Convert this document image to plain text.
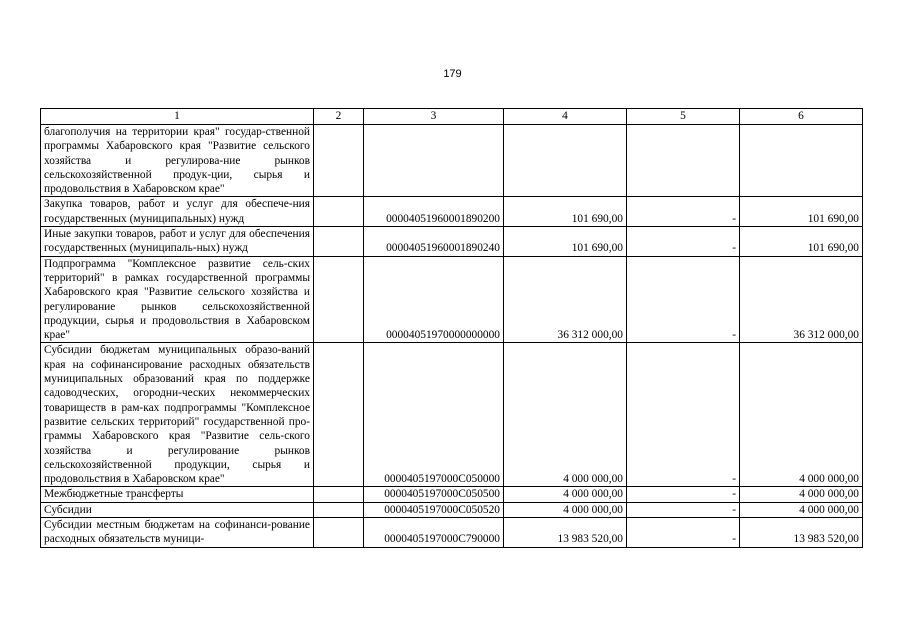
179
1	2	3	4	5	6
благополучия на территории края" государ-ственной программы Хабаровского края "Развитие сельского хозяйства и регулирова-ние рынков сельскохозяйственной продук-ции, сырья и продовольствия в Хабаровском крае"					
Закупка товаров, работ и услуг для обеспече-ния государственных (муниципальных) нужд		0000405196000189020​0	101 690,00	-	101 690,00
Иные закупки товаров, работ и услуг для обеспечения государственных (муниципаль-ных) нужд		00004051960001890240	101 690,00	-	101 690,00
Подпрограмма "Комплексное развитие сель-ских территорий" в рамках государственной программы Хабаровского края "Развитие сельского хозяйства и регулирование рынков сельскохозяйственной продукции, сырья и продовольствия в Хабаровском крае"		00004051970000000000	36 312 000,00	-	36 312 000,00
Субсидии бюджетам муниципальных образо-ваний края на софинансирование расходных обязательств муниципальных образований края по поддержке садоводческих, огородни-ческих некоммерческих товариществ в рам-ках подпрограммы "Комплексное развитие сельских территорий" государственной про-граммы Хабаровского края "Развитие сель-ского хозяйства и регулирование рынков сельскохозяйственной продукции, сырья и продовольствия в Хабаровском крае"		0000405197000C050000	4 000 000,00	-	4 000 000,00
Межбюджетные трансферты		0000405197000C050500	4 000 000,00	-	4 000 000,00
Субсидии		0000405197000C050520	4 000 000,00	-	4 000 000,00
Субсидии местным бюджетам на софинанси-рование расходных обязательств муници-		0000405197000C790000	13 983 520,00	-	13 983 520,00
